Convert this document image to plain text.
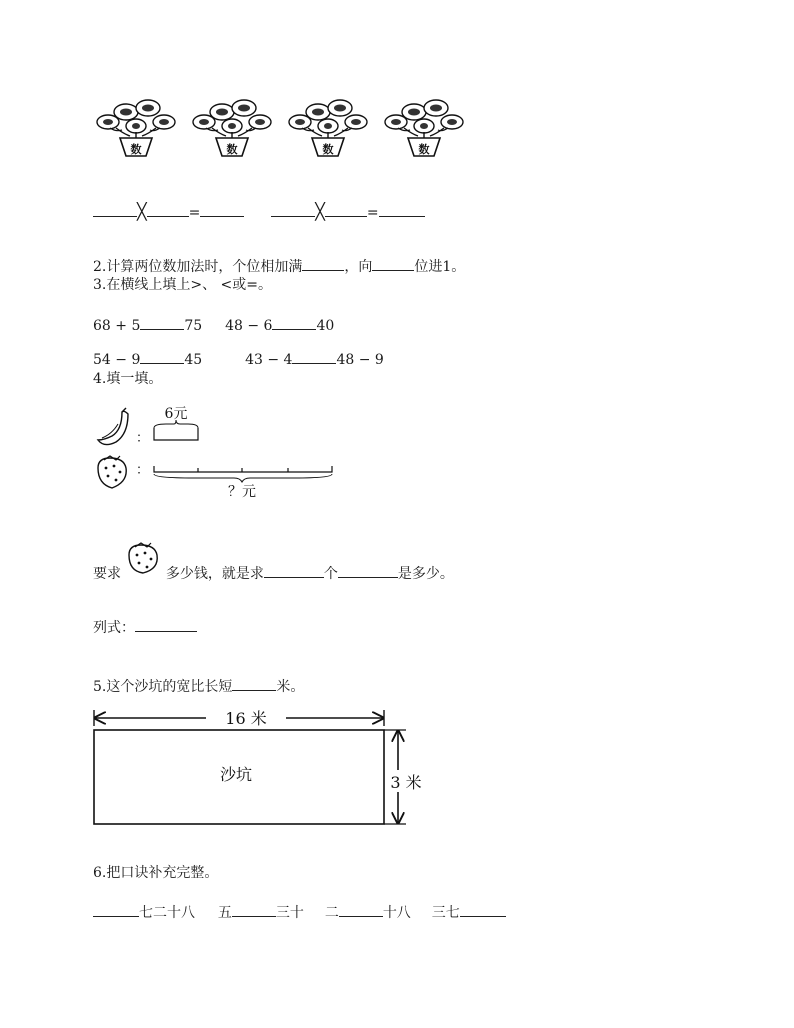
数	数	数	数
╳	=	╳	=
2.计算两位数加法时，个位相加满	，向	位进1。
3.在横线上填上>、 <或=。
68 + 5	75 48 − 6	40
54 − 9	45	43 − 4	48 − 9
4.填一填。
：
6元
：
？元
要求	多少钱，就是求	个	是多少。
列式：
5.这个沙坑的宽比长短	米。
16 米
沙坑	3 米
6.把口诀补充完整。
七二十八 五	三十 二	十八 三七
